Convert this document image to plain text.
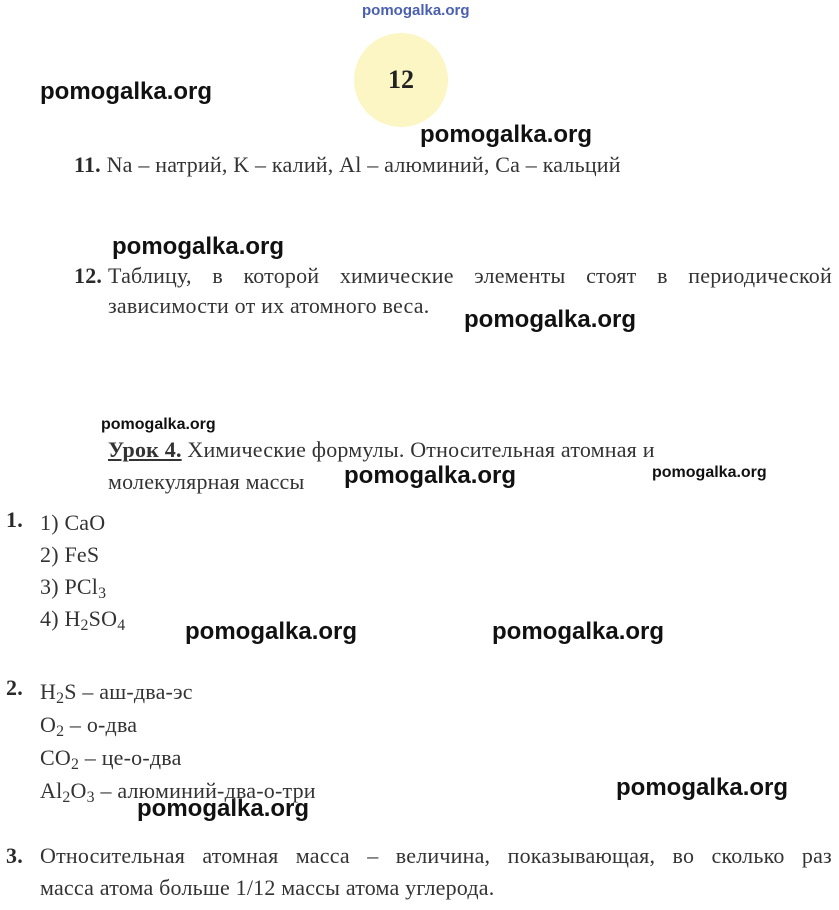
pomogalka.org
12
pomogalka.org
pomogalka.org
pomogalka.org
pomogalka.org
pomogalka.org
pomogalka.org	pomogalka.org
pomogalka.org	pomogalka.org
pomogalka.org
pomogalka.org
11. Na – натрий, K – калий, Al – алюминий, Ca – кальций
12. Таблицу, в которой химические элементы стоят в периодической
зависимости от их атомного веса.
Урок 4. Химические формулы. Относительная атомная и
молекулярная массы
1. 1) CaO
2) FeS
3) PCl$_3$
4) $H_2SO_4$
2. $H_2S - аш-два-эс$
$O_2 - о-два$
$CO_2 - це-о-два$
$Al_2O_3$ – алюминий-два-о-три
3. Относительная атомная масса – величина, показывающая, во сколько раз
масса атома больше 1/12 массы атома углерода.
